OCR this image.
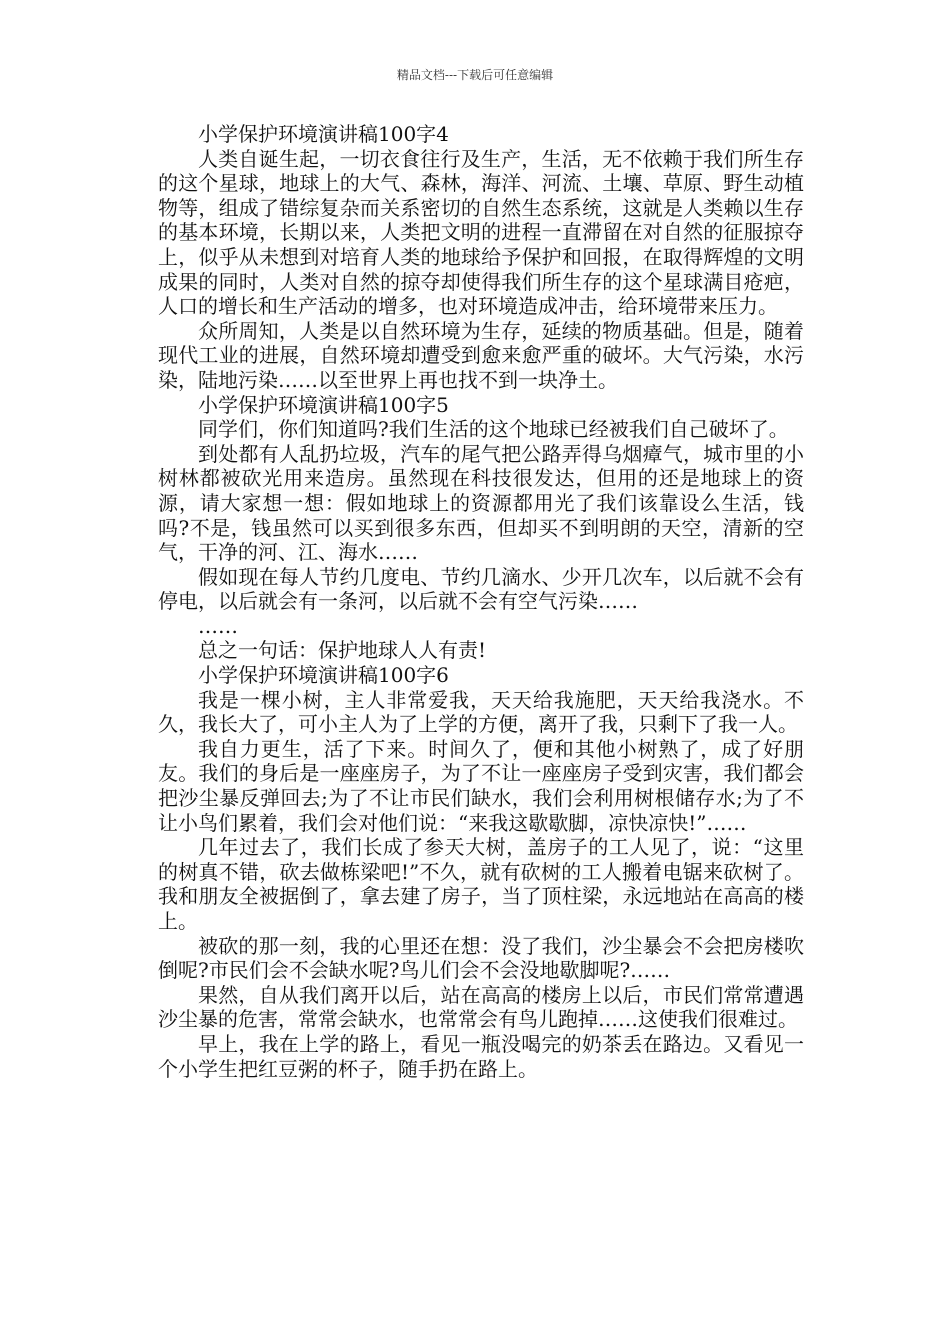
精品文档---下载后可任意编辑

小学保护环境演讲稿100字4

人类自诞生起，一切衣食往行及生产，生活，无不依赖于我们所生存的这个星球，地球上的大气、森林，海洋、河流、土壤、草原、野生动植物等，组成了错综复杂而关系密切的自然生态系统，这就是人类赖以生存的基本环境，长期以来，人类把文明的进程一直滞留在对自然的征服掠夺上，似乎从未想到对培育人类的地球给予保护和回报，在取得辉煌的文明成果的同时，人类对自然的掠夺却使得我们所生存的这个星球满目疮疤，人口的增长和生产活动的增多，也对环境造成冲击，给环境带来压力。

众所周知，人类是以自然环境为生存，延续的物质基础。但是，随着现代工业的进展，自然环境却遭受到愈来愈严重的破坏。大气污染，水污染，陆地污染……以至世界上再也找不到一块净土。

小学保护环境演讲稿100字5

同学们，你们知道吗?我们生活的这个地球已经被我们自己破坏了。

到处都有人乱扔垃圾，汽车的尾气把公路弄得乌烟瘴气，城市里的小树林都被砍光用来造房。虽然现在科技很发达，但用的还是地球上的资源，请大家想一想：假如地球上的资源都用光了我们该靠设么生活，钱吗?不是，钱虽然可以买到很多东西，但却买不到明朗的天空，清新的空气，干净的河、江、海水……

假如现在每人节约几度电、节约几滴水、少开几次车，以后就不会有停电，以后就会有一条河，以后就不会有空气污染……

……

总之一句话：保护地球人人有责!

小学保护环境演讲稿100字6

我是一棵小树，主人非常爱我，天天给我施肥，天天给我浇水。不久，我长大了，可小主人为了上学的方便，离开了我，只剩下了我一人。

我自力更生，活了下来。时间久了，便和其他小树熟了，成了好朋友。我们的身后是一座座房子，为了不让一座座房子受到灾害，我们都会把沙尘暴反弹回去;为了不让市民们缺水，我们会利用树根储存水;为了不让小鸟们累着，我们会对他们说：“来我这歇歇脚，凉快凉快!”……

几年过去了，我们长成了参天大树，盖房子的工人见了，说：“这里的树真不错，砍去做栋梁吧!”不久，就有砍树的工人搬着电锯来砍树了。我和朋友全被据倒了，拿去建了房子，当了顶柱梁，永远地站在高高的楼上。

被砍的那一刻，我的心里还在想：没了我们，沙尘暴会不会把房楼吹倒呢?市民们会不会缺水呢?鸟儿们会不会没地歇脚呢?……

果然，自从我们离开以后，站在高高的楼房上以后，市民们常常遭遇沙尘暴的危害，常常会缺水，也常常会有鸟儿跑掉……这使我们很难过。

早上，我在上学的路上，看见一瓶没喝完的奶茶丢在路边。又看见一个小学生把红豆粥的杯子，随手扔在路上。
